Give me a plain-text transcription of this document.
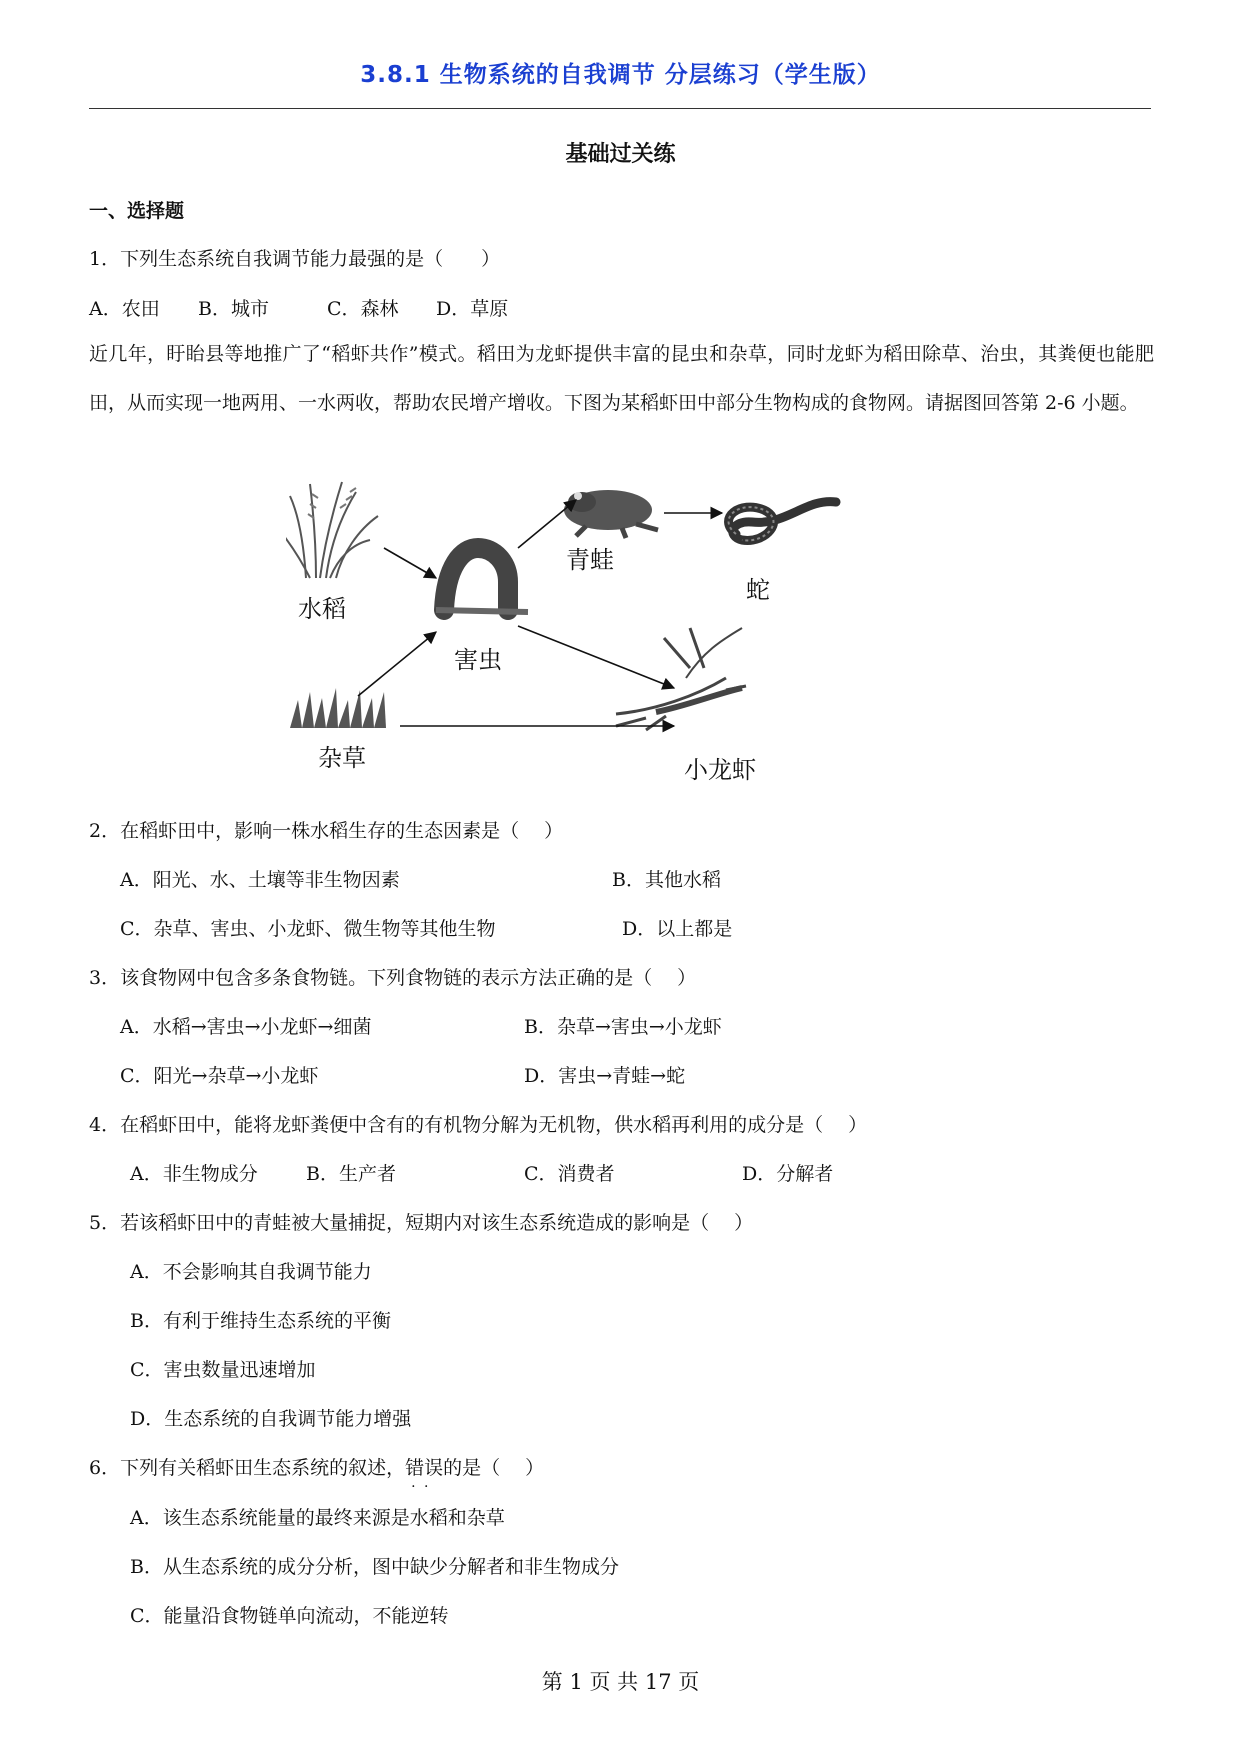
3.8.1 生物系统的自我调节 分层练习（学生版）
基础过关练
一、选择题
1．下列生态系统自我调节能力最强的是（　　）
A．农田 B．城市	C．森林 D．草原
近几年，盱眙县等地推广了“稻虾共作”模式。稻田为龙虾提供丰富的昆虫和杂草，同时龙虾为稻田除草、治虫，其粪便也能肥田，从而实现一地两用、一水两收，帮助农民增产增收。下图为某稻虾田中部分生物构成的食物网。请据图回答第 2-6 小题。
水稻
杂草
害虫
青蛙
蛇
小龙虾
2．在稻虾田中，影响一株水稻生存的生态因素是（　 ）
A．阳光、水、土壤等非生物因素	B．其他水稻
C．杂草、害虫、小龙虾、微生物等其他生物	D．以上都是
3．该食物网中包含多条食物链。下列食物链的表示方法正确的是（　 ）
A．水稻→害虫→小龙虾→细菌	B．杂草→害虫→小龙虾
C．阳光→杂草→小龙虾	D．害虫→青蛙→蛇
4．在稻虾田中，能将龙虾粪便中含有的有机物分解为无机物，供水稻再利用的成分是（　 ）
A．非生物成分	B．生产者	C．消费者	D．分解者
5．若该稻虾田中的青蛙被大量捕捉，短期内对该生态系统造成的影响是（　 ）
A．不会影响其自我调节能力
B．有利于维持生态系统的平衡
C．害虫数量迅速增加
D．生态系统的自我调节能力增强
6．下列有关稻虾田生态系统的叙述，错误 · ·的是（　 ）
A．该生态系统能量的最终来源是水稻和杂草
B．从生态系统的成分分析，图中缺少分解者和非生物成分
C．能量沿食物链单向流动，不能逆转
第 1 页 共 17 页
